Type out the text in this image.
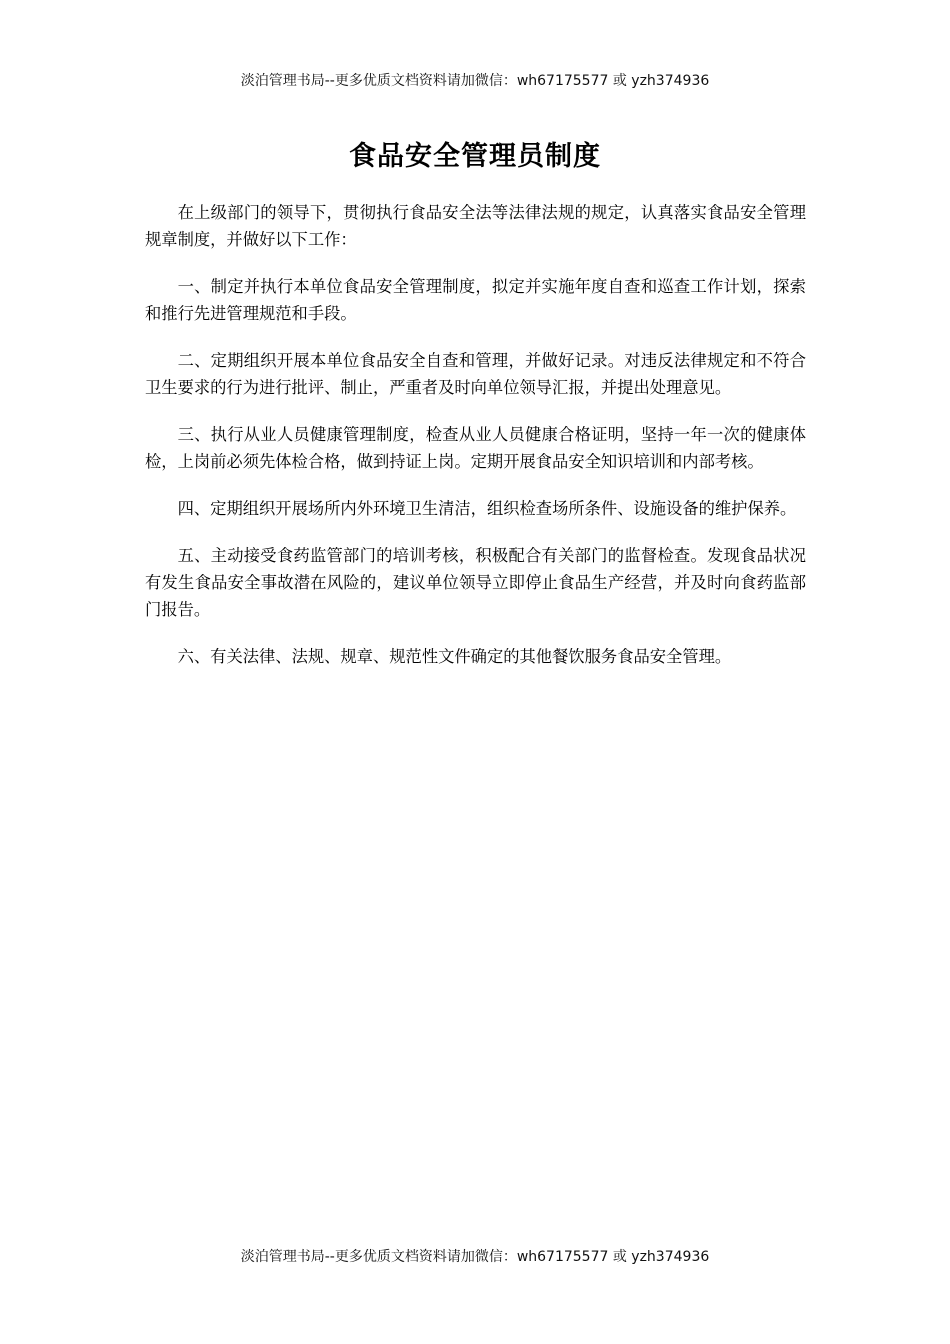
淡泊管理书局--更多优质文档资料请加微信：wh67175577 或 yzh374936
食品安全管理员制度

在上级部门的领导下，贯彻执行食品安全法等法律法规的规定，认真落实食品安全管理规章制度，并做好以下工作：

一、制定并执行本单位食品安全管理制度，拟定并实施年度自查和巡查工作计划，探索和推行先进管理规范和手段。

二、定期组织开展本单位食品安全自查和管理，并做好记录。对违反法律规定和不符合卫生要求的行为进行批评、制止，严重者及时向单位领导汇报，并提出处理意见。

三、执行从业人员健康管理制度，检查从业人员健康合格证明，坚持一年一次的健康体检，上岗前必须先体检合格，做到持证上岗。定期开展食品安全知识培训和内部考核。

四、定期组织开展场所内外环境卫生清洁，组织检查场所条件、设施设备的维护保养。

五、主动接受食药监管部门的培训考核，积极配合有关部门的监督检查。发现食品状况有发生食品安全事故潜在风险的，建议单位领导立即停止食品生产经营，并及时向食药监部门报告。

六、有关法律、法规、规章、规范性文件确定的其他餐饮服务食品安全管理。

淡泊管理书局--更多优质文档资料请加微信：wh67175577 或 yzh374936
